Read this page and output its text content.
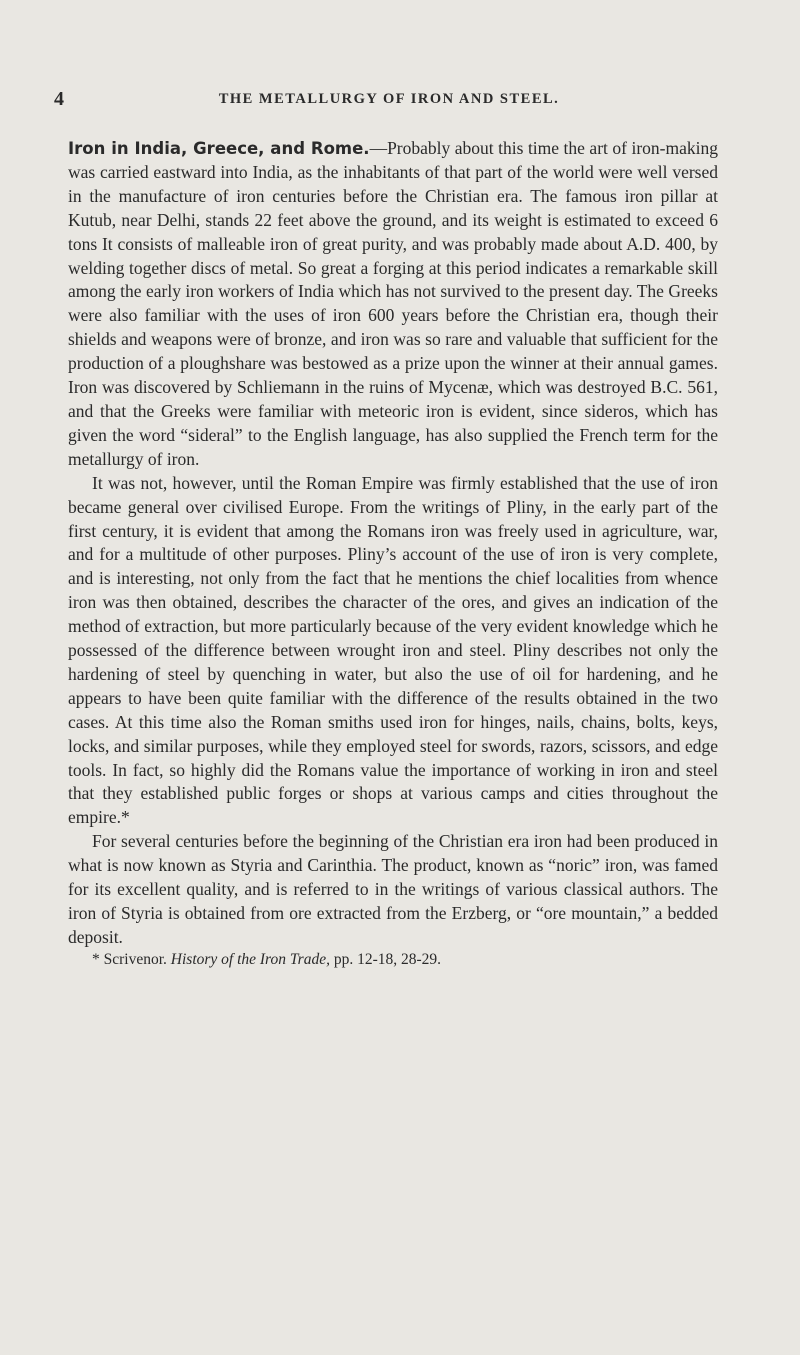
4	THE METALLURGY OF IRON AND STEEL.

Iron in India, Greece, and Rome.—Probably about this time the art of iron-making was carried eastward into India, as the inhabitants of that part of the world were well versed in the manufacture of iron centuries before the Christian era. The famous iron pillar at Kutub, near Delhi, stands 22 feet above the ground, and its weight is estimated to exceed 6 tons It consists of malleable iron of great purity, and was probably made about A.D. 400, by welding together discs of metal. So great a forging at this period indicates a remarkable skill among the early iron workers of India which has not survived to the present day. The Greeks were also familiar with the uses of iron 600 years before the Christian era, though their shields and weapons were of bronze, and iron was so rare and valuable that sufficient for the production of a ploughshare was bestowed as a prize upon the winner at their annual games. Iron was discovered by Schliemann in the ruins of Mycenæ, which was destroyed B.C. 561, and that the Greeks were familiar with meteoric iron is evident, since sideros, which has given the word “sideral” to the English language, has also supplied the French term for the metallurgy of iron.

It was not, however, until the Roman Empire was firmly established that the use of iron became general over civilised Europe. From the writings of Pliny, in the early part of the first century, it is evident that among the Romans iron was freely used in agriculture, war, and for a multitude of other purposes. Pliny’s account of the use of iron is very complete, and is interesting, not only from the fact that he mentions the chief localities from whence iron was then obtained, describes the character of the ores, and gives an indication of the method of extraction, but more particularly because of the very evident knowledge which he possessed of the difference between wrought iron and steel. Pliny describes not only the hardening of steel by quenching in water, but also the use of oil for hardening, and he appears to have been quite familiar with the difference of the results obtained in the two cases. At this time also the Roman smiths used iron for hinges, nails, chains, bolts, keys, locks, and similar purposes, while they employed steel for swords, razors, scissors, and edge tools. In fact, so highly did the Romans value the importance of working in iron and steel that they established public forges or shops at various camps and cities throughout the empire.*

For several centuries before the beginning of the Christian era iron had been produced in what is now known as Styria and Carinthia. The product, known as “noric” iron, was famed for its excellent quality, and is referred to in the writings of various classical authors. The iron of Styria is obtained from ore extracted from the Erzberg, or “ore mountain,” a bedded deposit.

* Scrivenor. History of the Iron Trade, pp. 12-18, 28-29.
